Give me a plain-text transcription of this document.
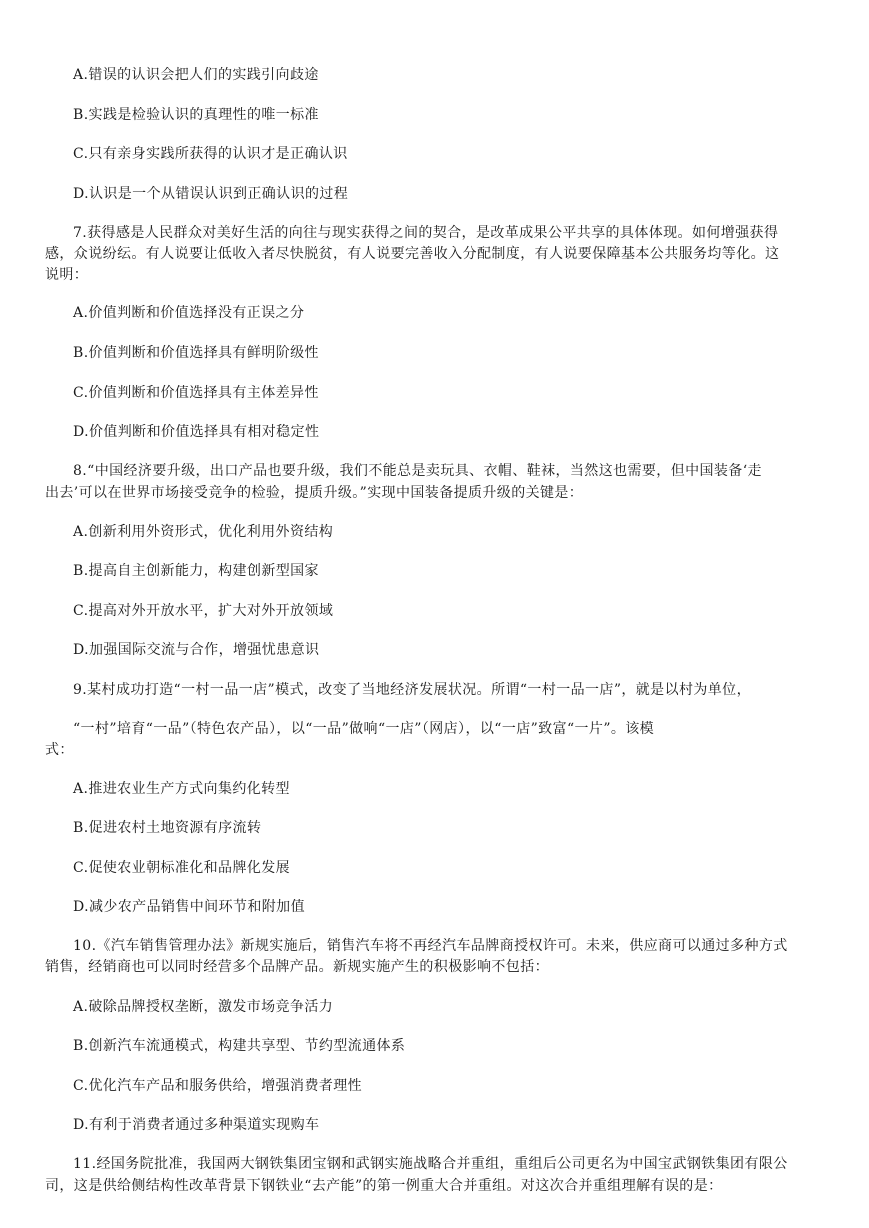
A.错误的认识会把人们的实践引向歧途
B.实践是检验认识的真理性的唯一标准
C.只有亲身实践所获得的认识才是正确认识
D.认识是一个从错误认识到正确认识的过程
7.获得感是人民群众对美好生活的向往与现实获得之间的契合，是改革成果公平共享的具体体现。如何增强获得
感，众说纷纭。有人说要让低收入者尽快脱贫，有人说要完善收入分配制度，有人说要保障基本公共服务均等化。这
说明：
A.价值判断和价值选择没有正误之分
B.价值判断和价值选择具有鲜明阶级性
C.价值判断和价值选择具有主体差异性
D.价值判断和价值选择具有相对稳定性
8.“中国经济要升级，出口产品也要升级，我们不能总是卖玩具、衣帽、鞋袜，当然这也需要，但中国装备‘走
出去’可以在世界市场接受竞争的检验，提质升级。”实现中国装备提质升级的关键是：
A.创新利用外资形式，优化利用外资结构
B.提高自主创新能力，构建创新型国家
C.提高对外开放水平，扩大对外开放领域
D.加强国际交流与合作，增强忧患意识
9.某村成功打造“一村一品一店”模式，改变了当地经济发展状况。所谓“一村一品一店”，就是以村为单位，
“一村”培育“一品”（特色农产品），以“一品”做响“一店”（网店），以“一店”致富“一片”。该模
式：
A.推进农业生产方式向集约化转型
B.促进农村土地资源有序流转
C.促使农业朝标准化和品牌化发展
D.减少农产品销售中间环节和附加值
10.《汽车销售管理办法》新规实施后，销售汽车将不再经汽车品牌商授权许可。未来，供应商可以通过多种方式
销售，经销商也可以同时经营多个品牌产品。新规实施产生的积极影响不包括：
A.破除品牌授权垄断，激发市场竞争活力
B.创新汽车流通模式，构建共享型、节约型流通体系
C.优化汽车产品和服务供给，增强消费者理性
D.有利于消费者通过多种渠道实现购车
11.经国务院批准，我国两大钢铁集团宝钢和武钢实施战略合并重组，重组后公司更名为中国宝武钢铁集团有限公
司，这是供给侧结构性改革背景下钢铁业“去产能”的第一例重大合并重组。对这次合并重组理解有误的是：
